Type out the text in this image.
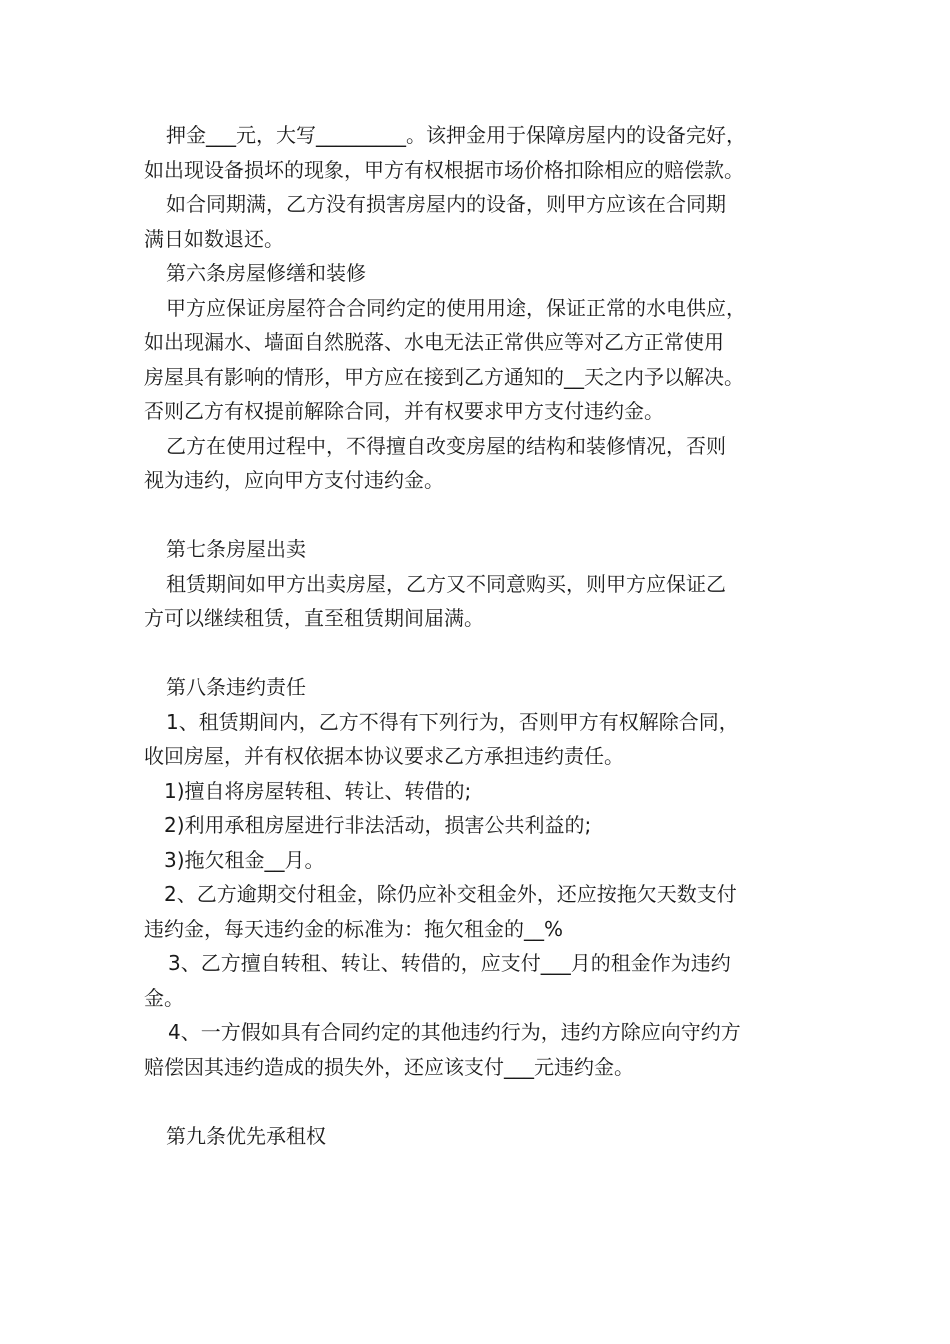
押金___元，大写_________。该押金用于保障房屋内的设备完好，
如出现设备损坏的现象，甲方有权根据市场价格扣除相应的赔偿款。
如合同期满，乙方没有损害房屋内的设备，则甲方应该在合同期
满日如数退还。
第六条房屋修缮和装修
甲方应保证房屋符合合同约定的使用用途，保证正常的水电供应，
如出现漏水、墙面自然脱落、水电无法正常供应等对乙方正常使用
房屋具有影响的情形，甲方应在接到乙方通知的__天之内予以解决。
否则乙方有权提前解除合同，并有权要求甲方支付违约金。
乙方在使用过程中，不得擅自改变房屋的结构和装修情况，否则
视为违约，应向甲方支付违约金。
第七条房屋出卖
租赁期间如甲方出卖房屋，乙方又不同意购买，则甲方应保证乙
方可以继续租赁，直至租赁期间届满。
第八条违约责任
1、租赁期间内，乙方不得有下列行为，否则甲方有权解除合同，
收回房屋，并有权依据本协议要求乙方承担违约责任。
1)擅自将房屋转租、转让、转借的;
2)利用承租房屋进行非法活动，损害公共利益的;
3)拖欠租金__月。
2、乙方逾期交付租金，除仍应补交租金外，还应按拖欠天数支付
违约金，每天违约金的标准为：拖欠租金的__%
3、乙方擅自转租、转让、转借的，应支付___月的租金作为违约
金。
4、一方假如具有合同约定的其他违约行为，违约方除应向守约方
赔偿因其违约造成的损失外，还应该支付___元违约金。
第九条优先承租权
